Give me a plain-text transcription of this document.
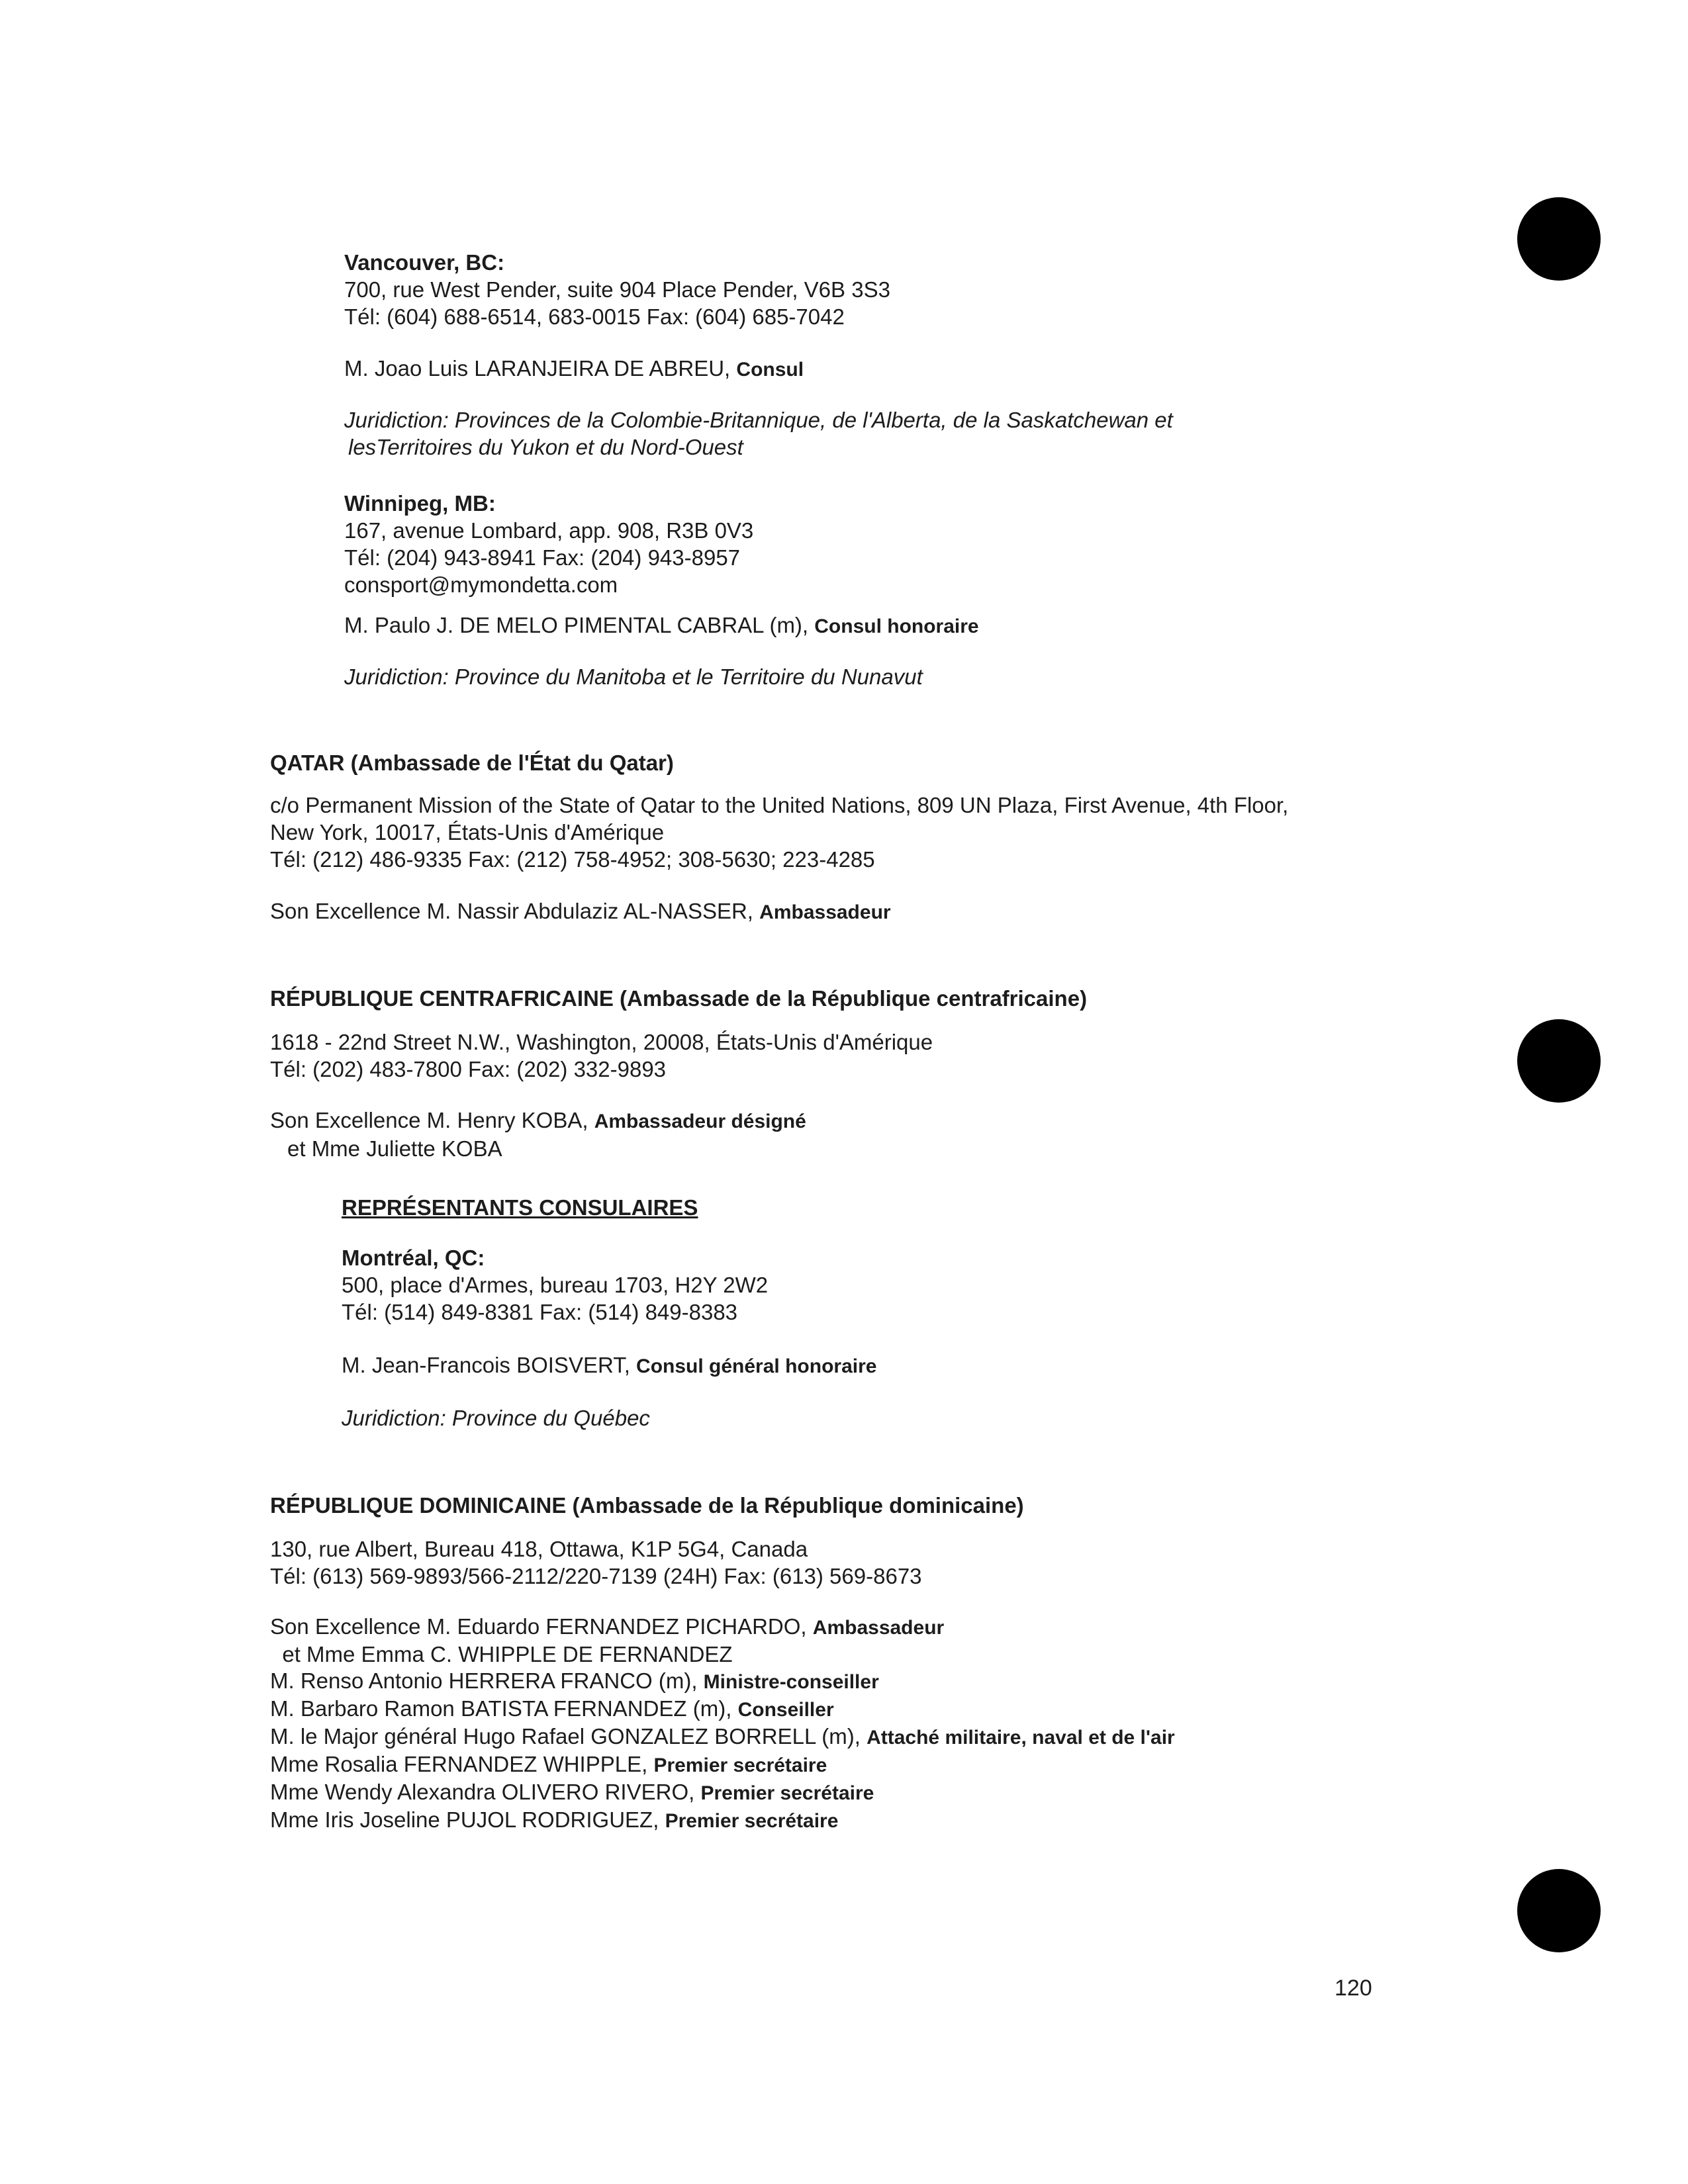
Vancouver, BC:
700, rue West Pender, suite 904 Place Pender, V6B 3S3
Tél: (604) 688-6514, 683-0015 Fax: (604) 685-7042
M. Joao Luis LARANJEIRA DE ABREU, Consul
Juridiction: Provinces de la Colombie-Britannique, de l'Alberta, de la Saskatchewan et
lesTerritoires du Yukon et du Nord-Ouest
Winnipeg, MB:
167, avenue Lombard, app. 908, R3B 0V3
Tél: (204) 943-8941 Fax: (204) 943-8957
consport@mymondetta.com
M. Paulo J. DE MELO PIMENTAL CABRAL (m), Consul honoraire
Juridiction: Province du Manitoba et le Territoire du Nunavut
QATAR (Ambassade de l'État du Qatar)
c/o Permanent Mission of the State of Qatar to the United Nations, 809 UN Plaza, First Avenue, 4th Floor,
New York, 10017, États-Unis d'Amérique
Tél: (212) 486-9335 Fax: (212) 758-4952; 308-5630; 223-4285
Son Excellence M. Nassir Abdulaziz AL-NASSER, Ambassadeur
RÉPUBLIQUE CENTRAFRICAINE (Ambassade de la République centrafricaine)
1618 - 22nd Street N.W., Washington, 20008, États-Unis d'Amérique
Tél: (202) 483-7800 Fax: (202) 332-9893
Son Excellence M. Henry KOBA, Ambassadeur désigné
et Mme Juliette KOBA
REPRÉSENTANTS CONSULAIRES
Montréal, QC:
500, place d'Armes, bureau 1703, H2Y 2W2
Tél: (514) 849-8381 Fax: (514) 849-8383
M. Jean-Francois BOISVERT, Consul général honoraire
Juridiction: Province du Québec
RÉPUBLIQUE DOMINICAINE (Ambassade de la République dominicaine)
130, rue Albert, Bureau 418, Ottawa, K1P 5G4, Canada
Tél: (613) 569-9893/566-2112/220-7139 (24H) Fax: (613) 569-8673
Son Excellence M. Eduardo FERNANDEZ PICHARDO, Ambassadeur
et Mme Emma C. WHIPPLE DE FERNANDEZ
M. Renso Antonio HERRERA FRANCO (m), Ministre-conseiller
M. Barbaro Ramon BATISTA FERNANDEZ (m), Conseiller
M. le Major général Hugo Rafael GONZALEZ BORRELL (m), Attaché militaire, naval et de l'air
Mme Rosalia FERNANDEZ WHIPPLE, Premier secrétaire
Mme Wendy Alexandra OLIVERO RIVERO, Premier secrétaire
Mme Iris Joseline PUJOL RODRIGUEZ, Premier secrétaire
120
